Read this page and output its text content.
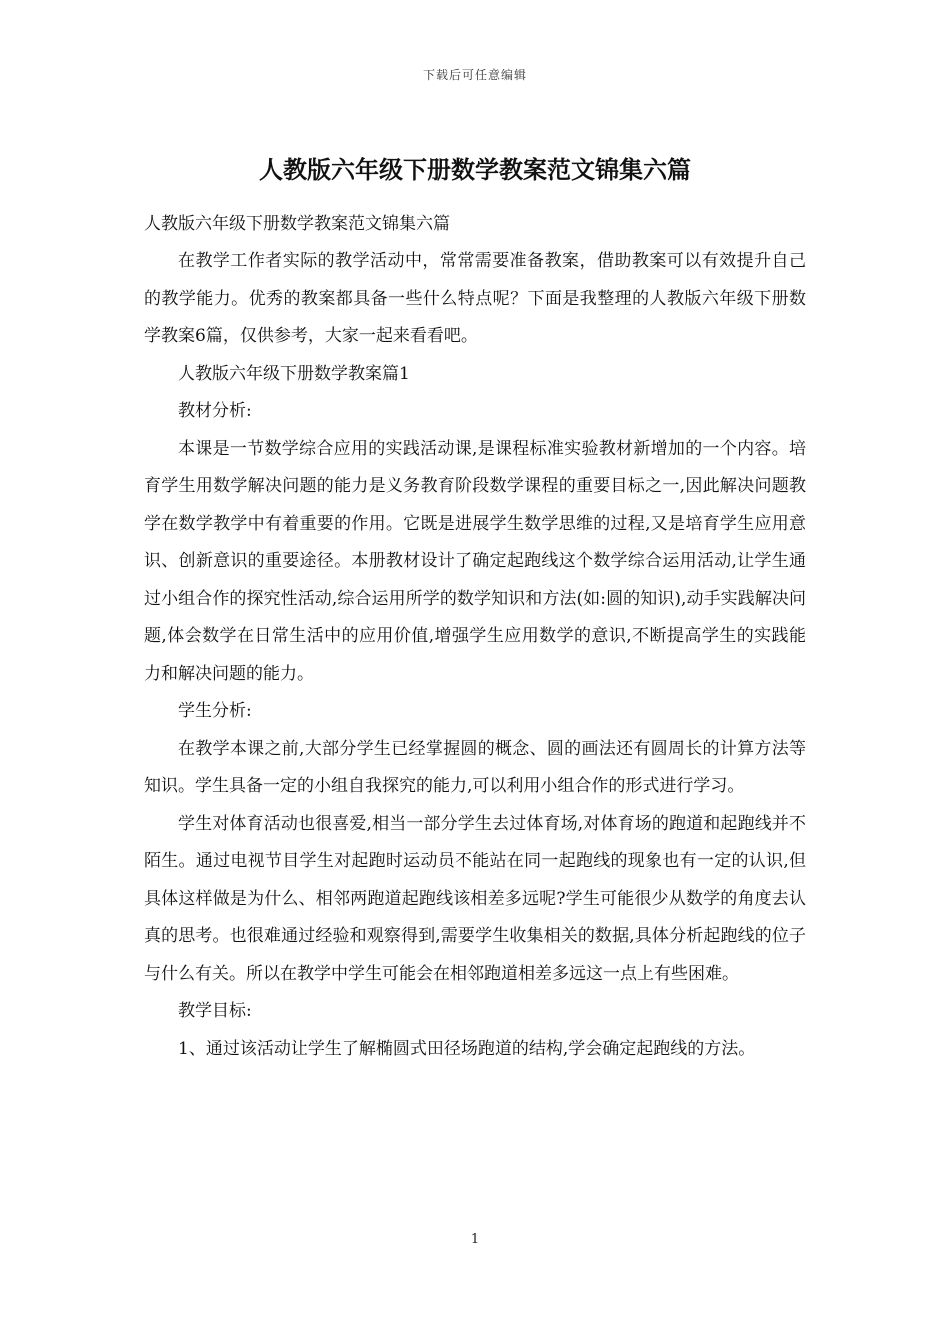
下载后可任意编辑
人教版六年级下册数学教案范文锦集六篇

人教版六年级下册数学教案范文锦集六篇

在教学工作者实际的教学活动中，常常需要准备教案，借助教案可以有效提升自己的教学能力。优秀的教案都具备一些什么特点呢？下面是我整理的人教版六年级下册数学教案6篇，仅供参考，大家一起来看看吧。

人教版六年级下册数学教案篇1

教材分析:

本课是一节数学综合应用的实践活动课,是课程标准实验教材新增加的一个内容。培育学生用数学解决问题的能力是义务教育阶段数学课程的重要目标之一,因此解决问题教学在数学教学中有着重要的作用。它既是进展学生数学思维的过程,又是培育学生应用意识、创新意识的重要途径。本册教材设计了确定起跑线这个数学综合运用活动,让学生通过小组合作的探究性活动,综合运用所学的数学知识和方法(如:圆的知识),动手实践解决问题,体会数学在日常生活中的应用价值,增强学生应用数学的意识,不断提高学生的实践能力和解决问题的能力。

学生分析:

在教学本课之前,大部分学生已经掌握圆的概念、圆的画法还有圆周长的计算方法等知识。学生具备一定的小组自我探究的能力,可以利用小组合作的形式进行学习。

学生对体育活动也很喜爱,相当一部分学生去过体育场,对体育场的跑道和起跑线并不陌生。通过电视节目学生对起跑时运动员不能站在同一起跑线的现象也有一定的认识,但具体这样做是为什么、相邻两跑道起跑线该相差多远呢?学生可能很少从数学的角度去认真的思考。也很难通过经验和观察得到,需要学生收集相关的数据,具体分析起跑线的位子与什么有关。所以在教学中学生可能会在相邻跑道相差多远这一点上有些困难。

教学目标:

1、通过该活动让学生了解椭圆式田径场跑道的结构,学会确定起跑线的方法。

1
